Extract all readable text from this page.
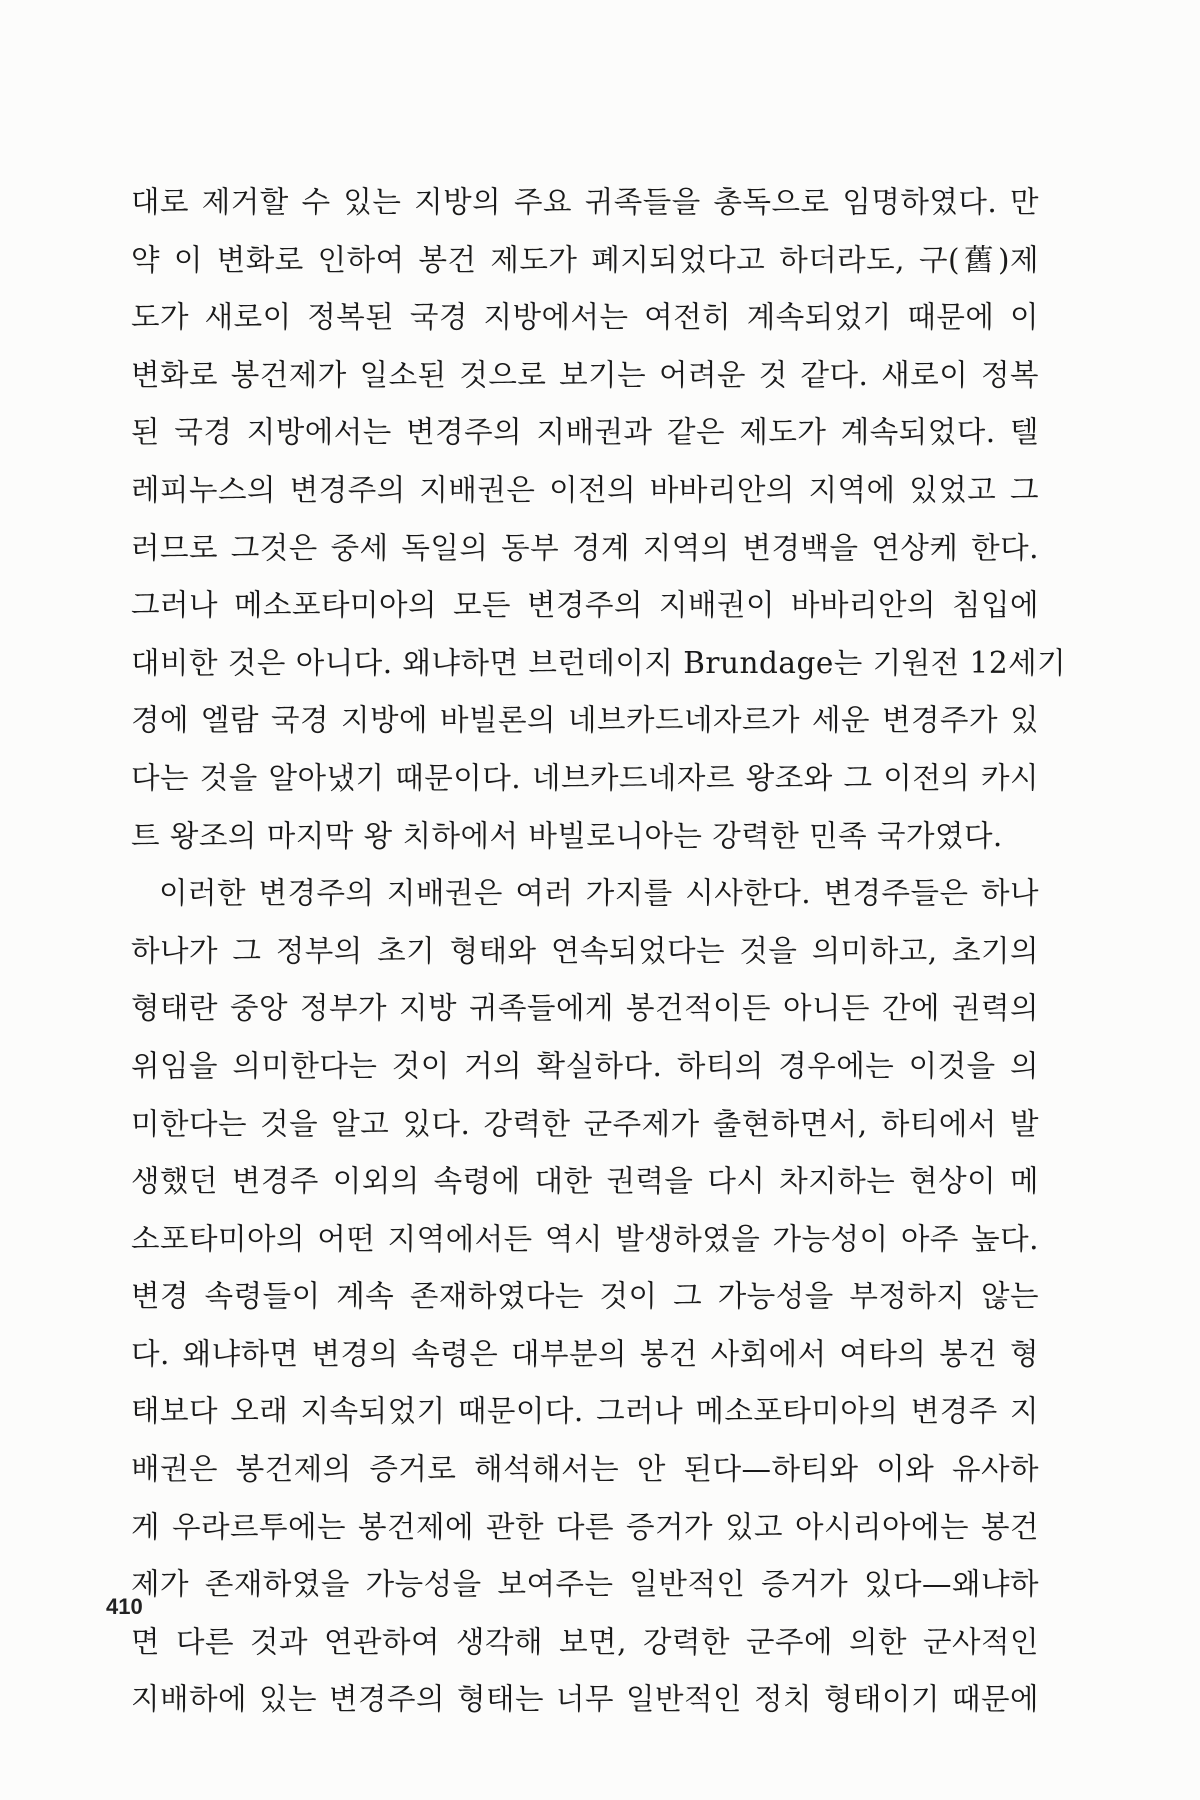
대로 제거할 수 있는 지방의 주요 귀족들을 총독으로 임명하였다. 만
약 이 변화로 인하여 봉건 제도가 폐지되었다고 하더라도, 구(舊)제
도가 새로이 정복된 국경 지방에서는 여전히 계속되었기 때문에 이
변화로 봉건제가 일소된 것으로 보기는 어려운 것 같다. 새로이 정복
된 국경 지방에서는 변경주의 지배권과 같은 제도가 계속되었다. 텔
레피누스의 변경주의 지배권은 이전의 바바리안의 지역에 있었고 그
러므로 그것은 중세 독일의 동부 경계 지역의 변경백을 연상케 한다.
그러나 메소포타미아의 모든 변경주의 지배권이 바바리안의 침입에
대비한 것은 아니다. 왜냐하면 브런데이지 Brundage는 기원전 12세기
경에 엘람 국경 지방에 바빌론의 네브카드네자르가 세운 변경주가 있
다는 것을 알아냈기 때문이다. 네브카드네자르 왕조와 그 이전의 카시
트 왕조의 마지막 왕 치하에서 바빌로니아는 강력한 민족 국가였다.
이러한 변경주의 지배권은 여러 가지를 시사한다. 변경주들은 하나
하나가 그 정부의 초기 형태와 연속되었다는 것을 의미하고, 초기의
형태란 중앙 정부가 지방 귀족들에게 봉건적이든 아니든 간에 권력의
위임을 의미한다는 것이 거의 확실하다. 하티의 경우에는 이것을 의
미한다는 것을 알고 있다. 강력한 군주제가 출현하면서, 하티에서 발
생했던 변경주 이외의 속령에 대한 권력을 다시 차지하는 현상이 메
소포타미아의 어떤 지역에서든 역시 발생하였을 가능성이 아주 높다.
변경 속령들이 계속 존재하였다는 것이 그 가능성을 부정하지 않는
다. 왜냐하면 변경의 속령은 대부분의 봉건 사회에서 여타의 봉건 형
태보다 오래 지속되었기 때문이다. 그러나 메소포타미아의 변경주 지
배권은 봉건제의 증거로 해석해서는 안 된다—하티와 이와 유사하
게 우라르투에는 봉건제에 관한 다른 증거가 있고 아시리아에는 봉건
제가 존재하였을 가능성을 보여주는 일반적인 증거가 있다—왜냐하
면 다른 것과 연관하여 생각해 보면, 강력한 군주에 의한 군사적인
지배하에 있는 변경주의 형태는 너무 일반적인 정치 형태이기 때문에
410
